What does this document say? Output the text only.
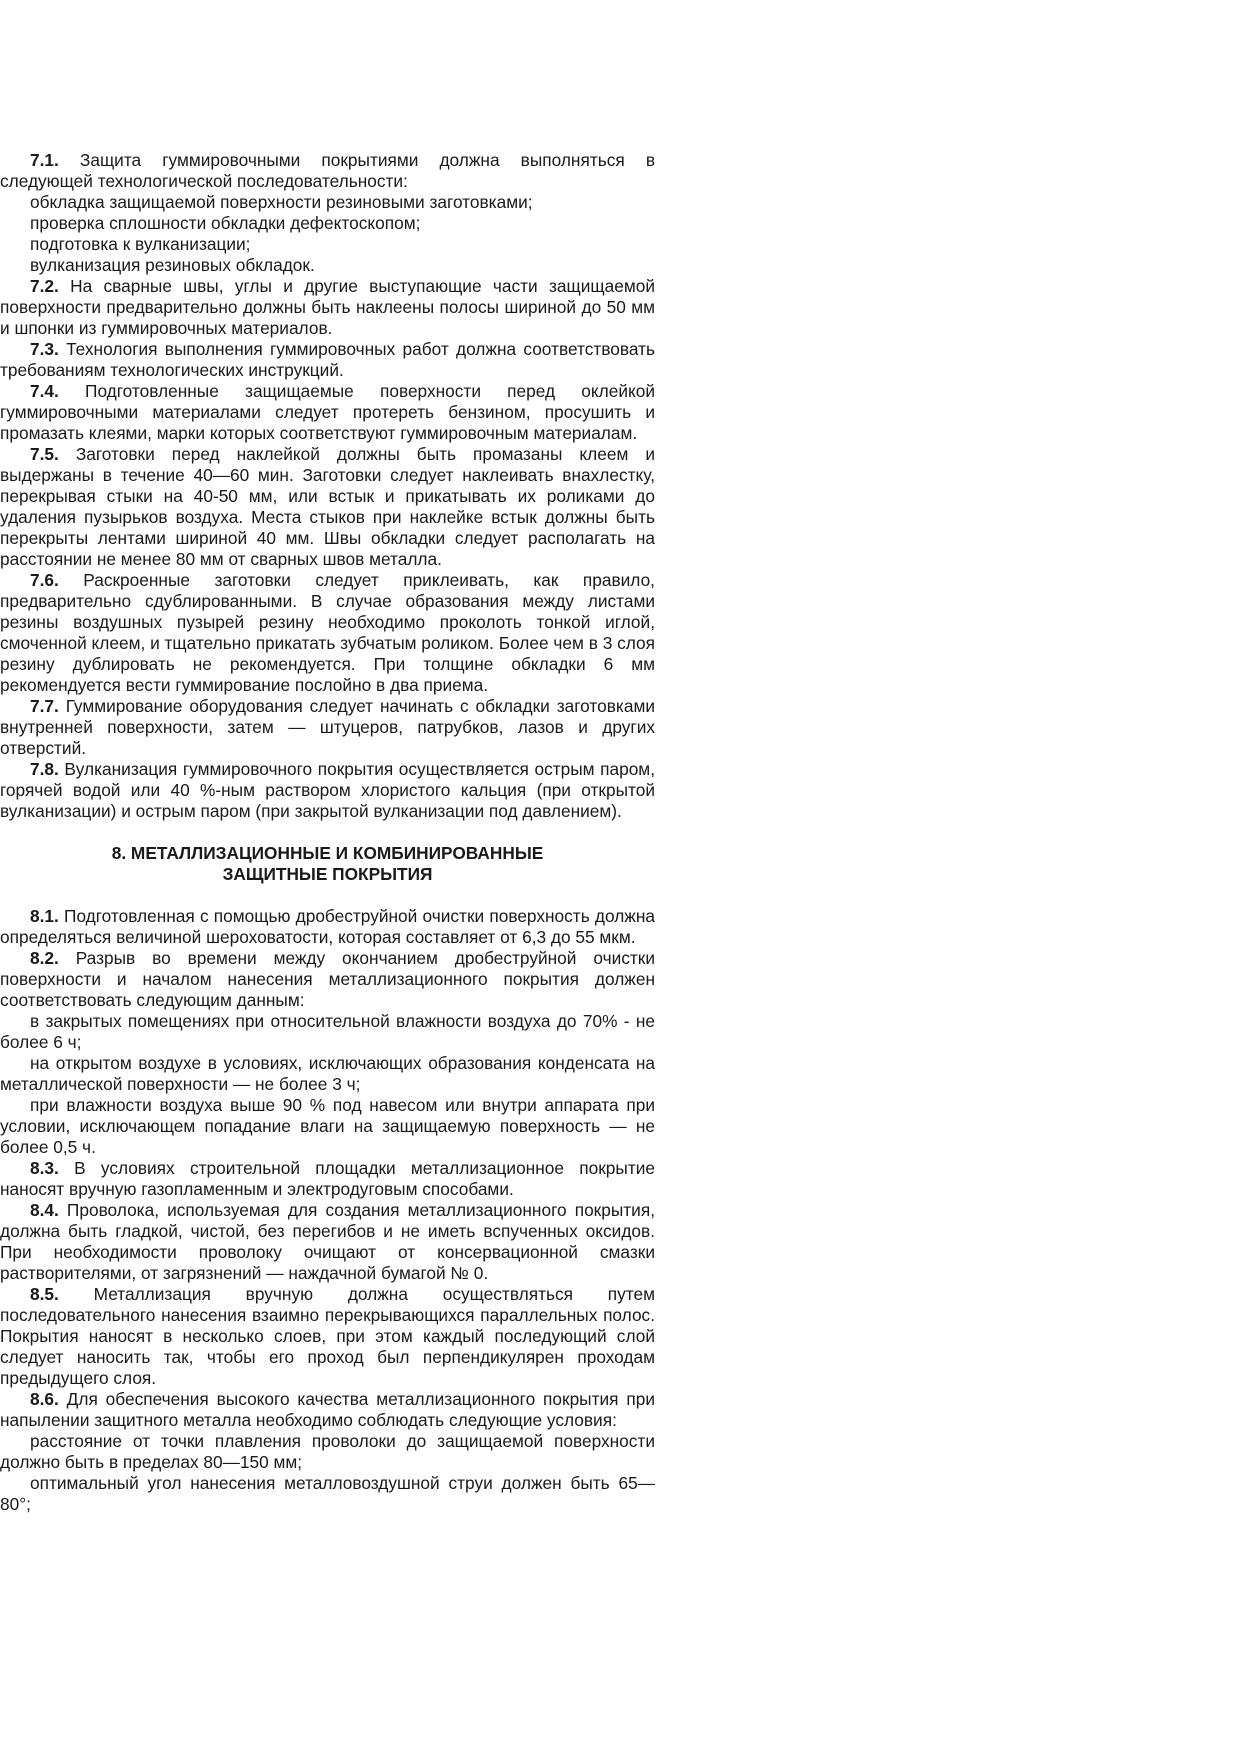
7.1. Защита гуммировочными покрытиями должна выполняться в следующей технологической последовательности:

обкладка защищаемой поверхности резиновыми заготовками;

проверка сплошности обкладки дефектоскопом;

подготовка к вулканизации;

вулканизация резиновых обкладок.

7.2. На сварные швы, углы и другие выступающие части защищаемой поверхности предварительно должны быть наклеены полосы шириной до 50 мм и шпонки из гуммировочных материалов.

7.3. Технология выполнения гуммировочных работ должна соответствовать требованиям технологических инструкций.

7.4. Подготовленные защищаемые поверхности перед оклейкой гуммировочными материалами следует протереть бензином, просушить и промазать клеями, марки которых соответствуют гуммировочным материалам.

7.5. Заготовки перед наклейкой должны быть промазаны клеем и выдержаны в течение 40—60 мин. Заготовки следует наклеивать внахлестку, перекрывая стыки на 40-50 мм, или встык и прикатывать их роликами до удаления пузырьков воздуха. Места стыков при наклейке встык должны быть перекрыты лентами шириной 40 мм. Швы обкладки следует располагать на расстоянии не менее 80 мм от сварных швов металла.

7.6. Раскроенные заготовки следует приклеивать, как правило, предварительно сдублированными. В случае образования между листами резины воздушных пузырей резину необходимо проколоть тонкой иглой, смоченной клеем, и тщательно прикатать зубчатым роликом. Более чем в 3 слоя резину дублировать не рекомендуется. При толщине обкладки 6 мм рекомендуется вести гуммирование послойно в два приема.

7.7. Гуммирование оборудования следует начинать с обкладки заготовками внутренней поверхности, затем — штуцеров, патрубков, лазов и других отверстий.

7.8. Вулканизация гуммировочного покрытия осуществляется острым паром, горячей водой или 40 %-ным раствором хлористого кальция (при открытой вулканизации) и острым паром (при закрытой вулканизации под давлением).

8. МЕТАЛЛИЗАЦИОННЫЕ И КОМБИНИРОВАННЫЕ

ЗАЩИТНЫЕ ПОКРЫТИЯ

8.1. Подготовленная с помощью дробеструйной очистки поверхность должна определяться величиной шероховатости, которая составляет от 6,3 до 55 мкм.

8.2. Разрыв во времени между окончанием дробеструйной очистки поверхности и началом нанесения металлизационного покрытия должен соответствовать следующим данным:

в закрытых помещениях при относительной влажности воздуха до 70% - не более 6 ч;

на открытом воздухе в условиях, исключающих образования конденсата на металлической поверхности — не более 3 ч;

при влажности воздуха выше 90 % под навесом или внутри аппарата при условии, исключающем попадание влаги на защищаемую поверхность — не более 0,5 ч.

8.3. В условиях строительной площадки металлизационное покрытие наносят вручную газопламенным и электродуговым способами.

8.4. Проволока, используемая для создания металлизационного покрытия, должна быть гладкой, чистой, без перегибов и не иметь вспученных оксидов. При необходимости проволоку очищают от консервационной смазки растворителями, от загрязнений — наждачной бумагой № 0.

8.5. Металлизация вручную должна осуществляться путем последовательного нанесения взаимно перекрывающихся параллельных полос. Покрытия наносят в несколько слоев, при этом каждый последующий слой следует наносить так, чтобы его проход был перпендикулярен проходам предыдущего слоя.

8.6. Для обеспечения высокого качества металлизационного покрытия при напылении защитного металла необходимо соблюдать следующие условия:

расстояние от точки плавления проволоки до защищаемой поверхности должно быть в пределах 80—150 мм;

оптимальный угол нанесения металловоздушной струи должен быть 65—80°;
